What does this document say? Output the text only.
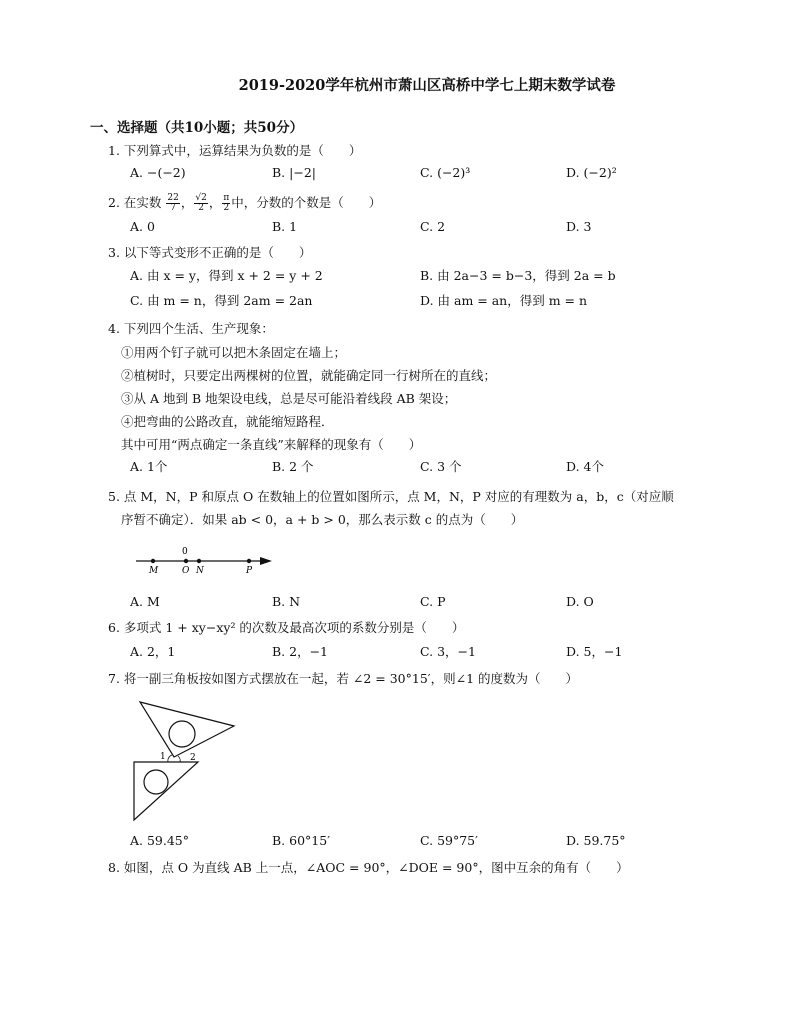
2019-2020学年杭州市萧山区高桥中学七上期末数学试卷
一、选择题（共10小题；共50分）
1. 下列算式中，运算结果为负数的是（　　）
A. −(−2)	B. |−2|	C. (−2)³	D. (−2)²
2. 在实数 $\frac{22}{7}$ ， $\frac{√2}{2}$ ， $\frac{\pi}{2}$ 中，分数的个数是（　　）
A. 0	B. 1	C. 2	D. 3
3. 以下等式变形不正确的是（　　）
A. 由 x = y，得到 x + 2 = y + 2	B. 由 2a−3 = b−3，得到 2a = b
C. 由 m = n，得到 2am = 2an	D. 由 am = an，得到 m = n
4. 下列四个生活、生产现象：
①用两个钉子就可以把木条固定在墙上；
②植树时，只要定出两棵树的位置，就能确定同一行树所在的直线；
③从 A 地到 B 地架设电线，总是尽可能沿着线段 AB 架设；
④把弯曲的公路改直，就能缩短路程．
其中可用“两点确定一条直线”来解释的现象有（　　）
A. 1个	B. 2 个	C. 3 个	D. 4个
5. 点 M，N，P 和原点 O 在数轴上的位置如图所示，点 M，N，P 对应的有理数为 a，b，c（对应顺
序暂不确定）．如果 ab < 0，a + b > 0，那么表示数 c 的点为（　　）
0
M	O N	P
A. M	B. N	C. P	D. O
6. 多项式 1 + xy−xy² 的次数及最高次项的系数分别是（　　）
A. 2，1	B. 2，−1	C. 3，−1	D. 5，−1
7. 将一副三角板按如图方式摆放在一起，若 ∠2 = 30°15′，则∠1 的度数为（　　）
1	2
A. 59.45°	B. 60°15′	C. 59°75′	D. 59.75°
8. 如图，点 O 为直线 AB 上一点，∠AOC = 90°，∠DOE = 90°，图中互余的角有（　　）
